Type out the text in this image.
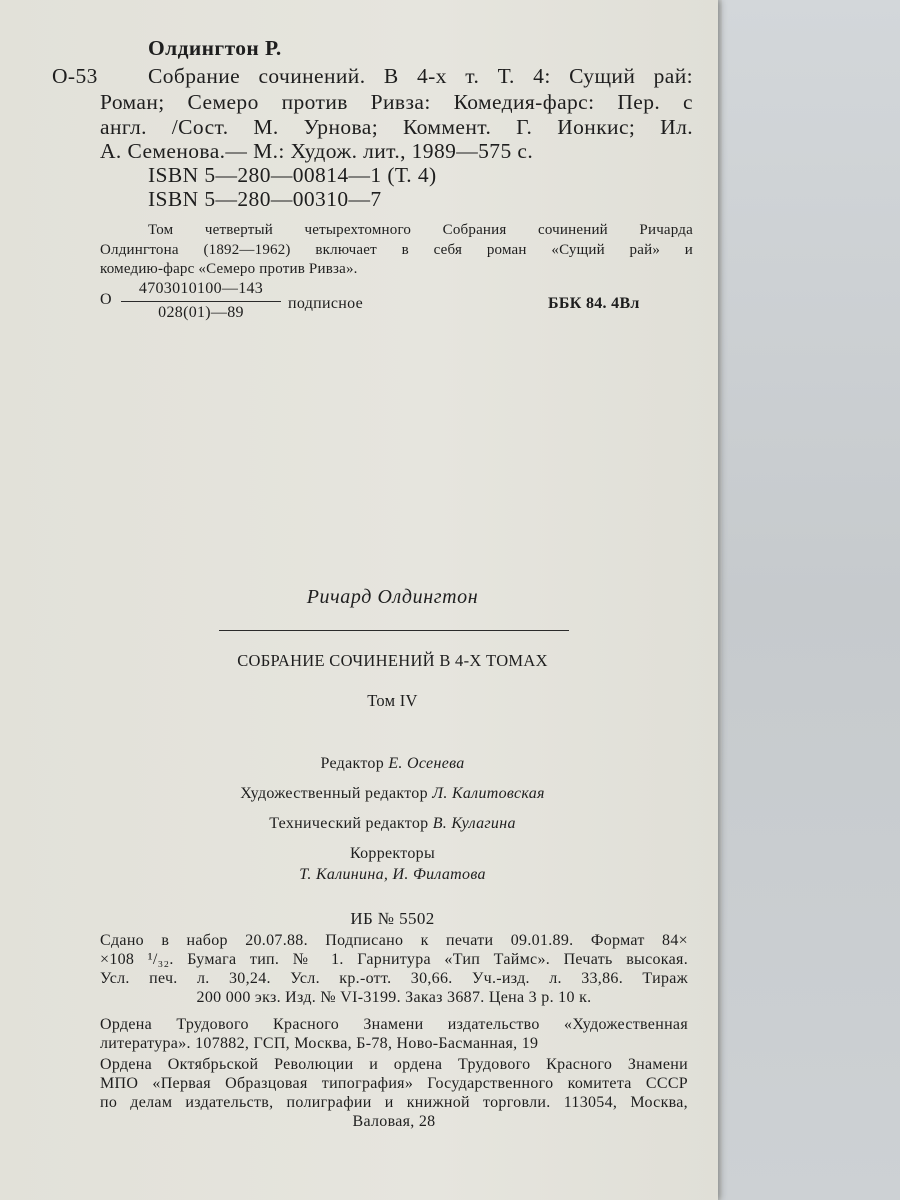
Олдингтон Р.
О-53 Собрание сочинений. В 4-х т. Т. 4: Сущий рай:
Роман; Семеро против Ривза: Комедия-фарс: Пер. с
англ. /Сост. М. Урнова; Коммент. Г. Ионкис; Ил.
А. Семенова.— М.: Худож. лит., 1989—575 с.
ISBN 5—280—00814—1 (Т. 4)
ISBN 5—280—00310—7
Том четвертый четырехтомного Собрания сочинений Ричарда
Олдингтона (1892—1962) включает в себя роман «Сущий рай» и
комедию-фарс «Семеро против Ривза».
О $\frac{4703010100—143}{028(01)—89}$ подписное	ББК 84. 4Вл
Ричард Олдингтон
СОБРАНИЕ СОЧИНЕНИЙ В 4-Х ТОМАХ
Том IV
Редактор Е. Осенева
Художественный редактор Л. Калитовская
Технический редактор В. Кулагина
Корректоры
Т. Калинина, И. Филатова
ИБ № 5502
Сдано в набор 20.07.88. Подписано к печати 09.01.89. Формат 84×
×108 ¹/₃₂. Бумага тип. № 1. Гарнитура «Тип Таймс». Печать высокая.
Усл. печ. л. 30,24. Усл. кр.-отт. 30,66. Уч.-изд. л. 33,86. Тираж
200 000 экз. Изд. № VI-3199. Заказ 3687. Цена 3 р. 10 к.
Ордена Трудового Красного Знамени издательство «Художественная
литература». 107882, ГСП, Москва, Б-78, Ново-Басманная, 19
Ордена Октябрьской Революции и ордена Трудового Красного Знамени
МПО «Первая Образцовая типография» Государственного комитета СССР
по делам издательств, полиграфии и книжной торговли. 113054, Москва,
Валовая, 28
